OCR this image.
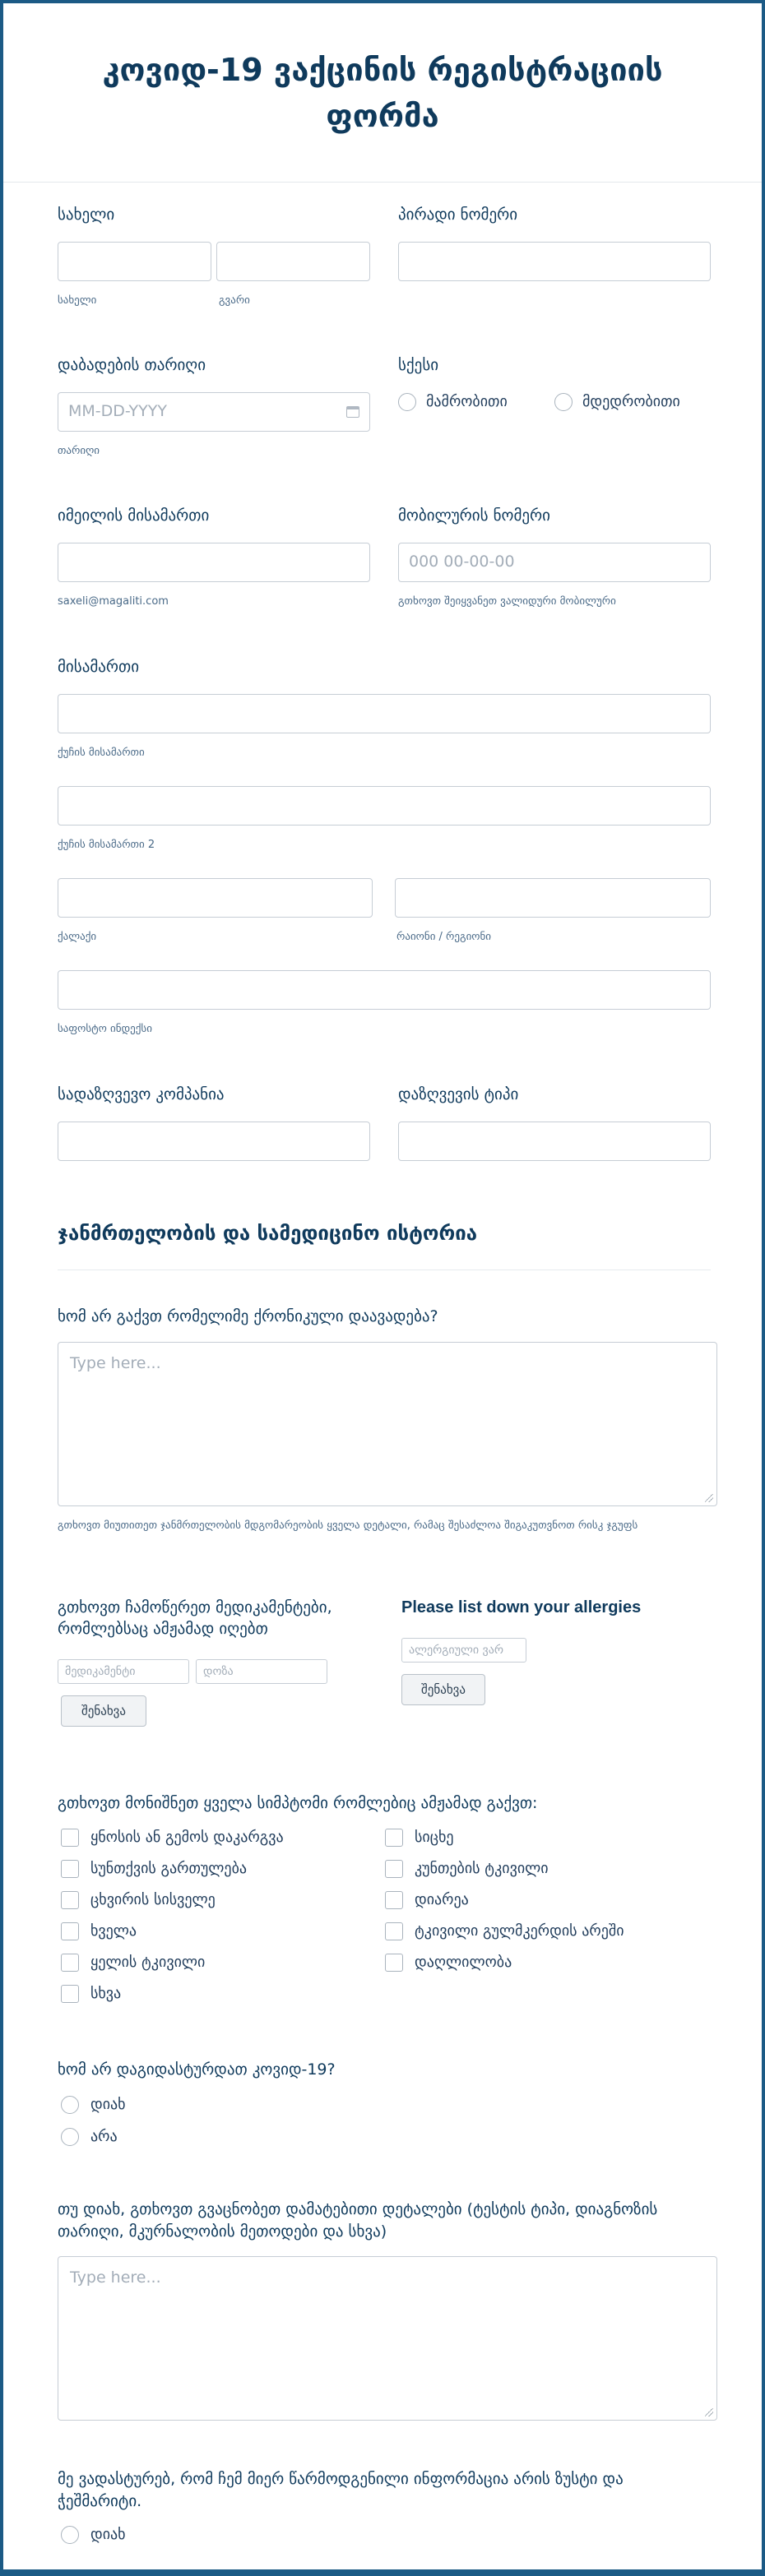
კოვიდ-19 ვაქცინის რეგისტრაციის ფორმა
სახელი
სახელი	გვარი
პირადი ნომერი
დაბადების თარიღი
MM-DD-YYYY
თარიღი
სქესი
მამრობითი	მდედრობითი
იმეილის მისამართი
saxeli@magaliti.com
მობილურის ნომერი
000 00-00-00
გთხოვთ შეიყვანეთ ვალიდური მობილური
მისამართი
ქუჩის მისამართი
ქუჩის მისამართი 2
ქალაქი	რაიონი / რეგიონი
საფოსტო ინდექსი
სადაზღვევო კომპანია	დაზღვევის ტიპი
ჯანმრთელობის და სამედიცინო ისტორია
ხომ არ გაქვთ რომელიმე ქრონიკული დაავადება?
Type here...
გთხოვთ მიუთითეთ ჯანმრთელობის მდგომარეობის ყველა დეტალი, რამაც შესაძლოა შიგაკუთვნოთ რისკ ჯგუფს
გთხოვთ ჩამოწერეთ მედიკამენტები, რომლებსაც ამჟამად იღებთ
მედიკამენტი	დოზა
შენახვა
Please list down your allergies
ალერგიული ვარ
შენახვა
გთხოვთ მონიშნეთ ყველა სიმპტომი რომლებიც ამჟამად გაქვთ:
ყნოსის ან გემოს დაკარგვა
სუნთქვის გართულება
ცხვირის სისველე
ხველა
ყელის ტკივილი
სხვა
სიცხე
კუნთების ტკივილი
დიარეა
ტკივილი გულმკერდის არეში
დაღლილობა
ხომ არ დაგიდასტურდათ კოვიდ-19?
დიახ
არა
თუ დიახ, გთხოვთ გვაცნობეთ დამატებითი დეტალები (ტესტის ტიპი, დიაგნოზის თარიღი, მკურნალობის მეთოდები და სხვა)
Type here...
მე ვადასტურებ, რომ ჩემ მიერ წარმოდგენილი ინფორმაცია არის ზუსტი და ჭეშმარიტი.
დიახ
